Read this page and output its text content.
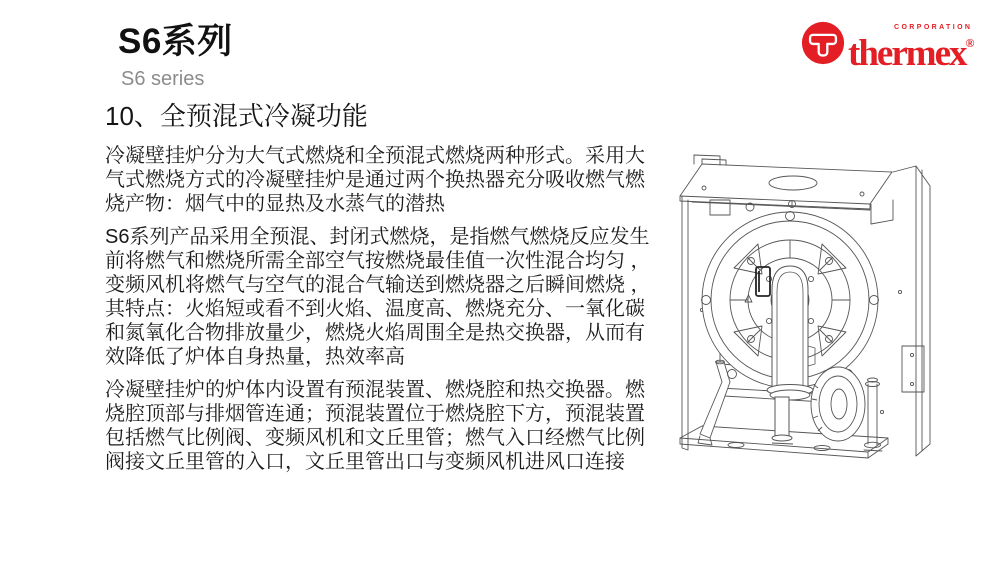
S6系列
S6 series
10、全预混式冷凝功能
冷凝壁挂炉分为大气式燃烧和全预混式燃烧两种形式。采用大
气式燃烧方式的冷凝壁挂炉是通过两个换热器充分吸收燃气燃
烧产物：烟气中的显热及水蒸气的潜热
S6系列产品采用全预混、封闭式燃烧，是指燃气燃烧反应发生
前将燃气和燃烧所需全部空气按燃烧最佳值一次性混合均匀 ，
变频风机将燃气与空气的混合气输送到燃烧器之后瞬间燃烧 ，
其特点：火焰短或看不到火焰、温度高、燃烧充分、一氧化碳
和氮氧化合物排放量少，燃烧火焰周围全是热交换器，从而有
效降低了炉体自身热量，热效率高
冷凝壁挂炉的炉体内设置有预混装置、燃烧腔和热交换器。燃
烧腔顶部与排烟管连通；预混装置位于燃烧腔下方，预混装置
包括燃气比例阀、变频风机和文丘里管；燃气入口经燃气比例
阀接文丘里管的入口，文丘里管出口与变频风机进风口连接
CORPORATION
thermex®
